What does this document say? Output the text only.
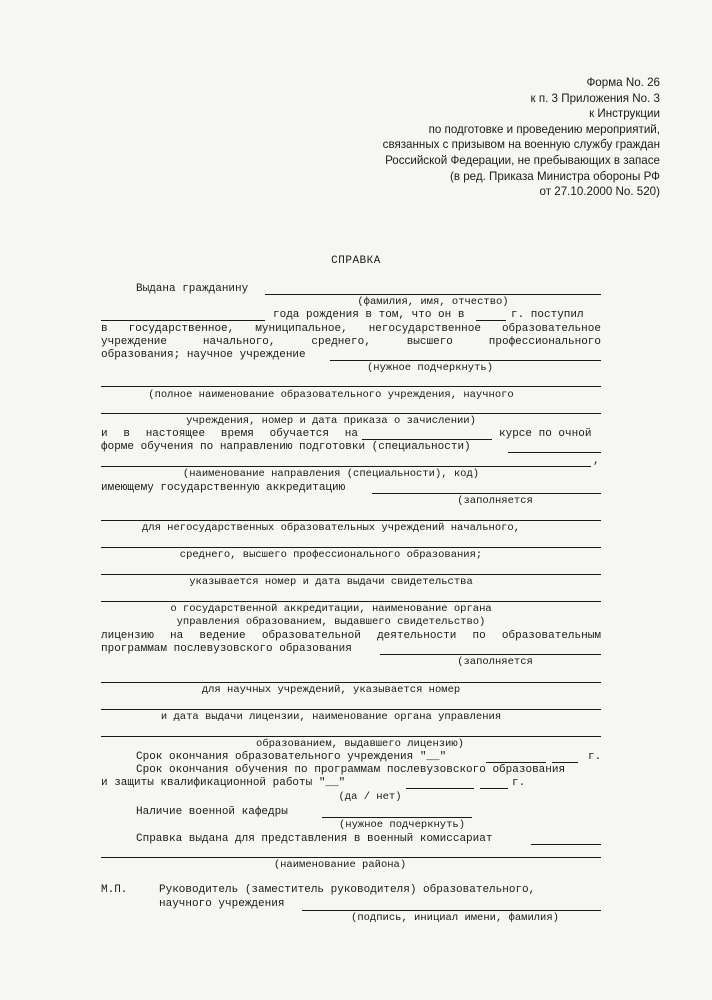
Форма No. 26
к п. 3 Приложения No. 3
к Инструкции
по подготовке и проведению мероприятий,
связанных с призывом на военную службу граждан
Российской Федерации, не пребывающих в запасе
(в ред. Приказа Министра обороны РФ
от 27.10.2000 No. 520)
СПРАВКА
Выдана гражданину
(фамилия, имя, отчество)
года рождения в том, что он в	г. поступил
в государственное, муниципальное, негосударственное образовательное
учреждение	начального,	среднего,	высшего	профессионального
образования; научное учреждение
(нужное подчеркнуть)
(полное наименование образовательного учреждения, научного
учреждения, номер и дата приказа о зачислении)
и в настоящее время обучается на	курсе по очной
форме обучения по направлению подготовки (специальности)
,
(наименование направления (специальности), код)
имеющему государственную аккредитацию
(заполняется
для негосударственных образовательных учреждений начального,
среднего, высшего профессионального образования;
указывается номер и дата выдачи свидетельства
о государственной аккредитации, наименование органа
управления образованием, выдавшего свидетельство)
лицензию на ведение образовательной деятельности по образовательным
программам послевузовского образования
(заполняется
для научных учреждений, указывается номер
и дата выдачи лицензии, наименование органа управления
образованием, выдавшего лицензию)
Срок окончания образовательного учреждения "__"	г.
Срок окончания обучения по программам послевузовского образования
и защиты квалификационной работы "__"	г.
(да / нет)
Наличие военной кафедры
(нужное подчеркнуть)
Справка выдана для представления в военный комиссариат
(наименование района)
М.П.	Руководитель (заместитель руководителя) образовательного,
научного учреждения
(подпись, инициал имени, фамилия)
